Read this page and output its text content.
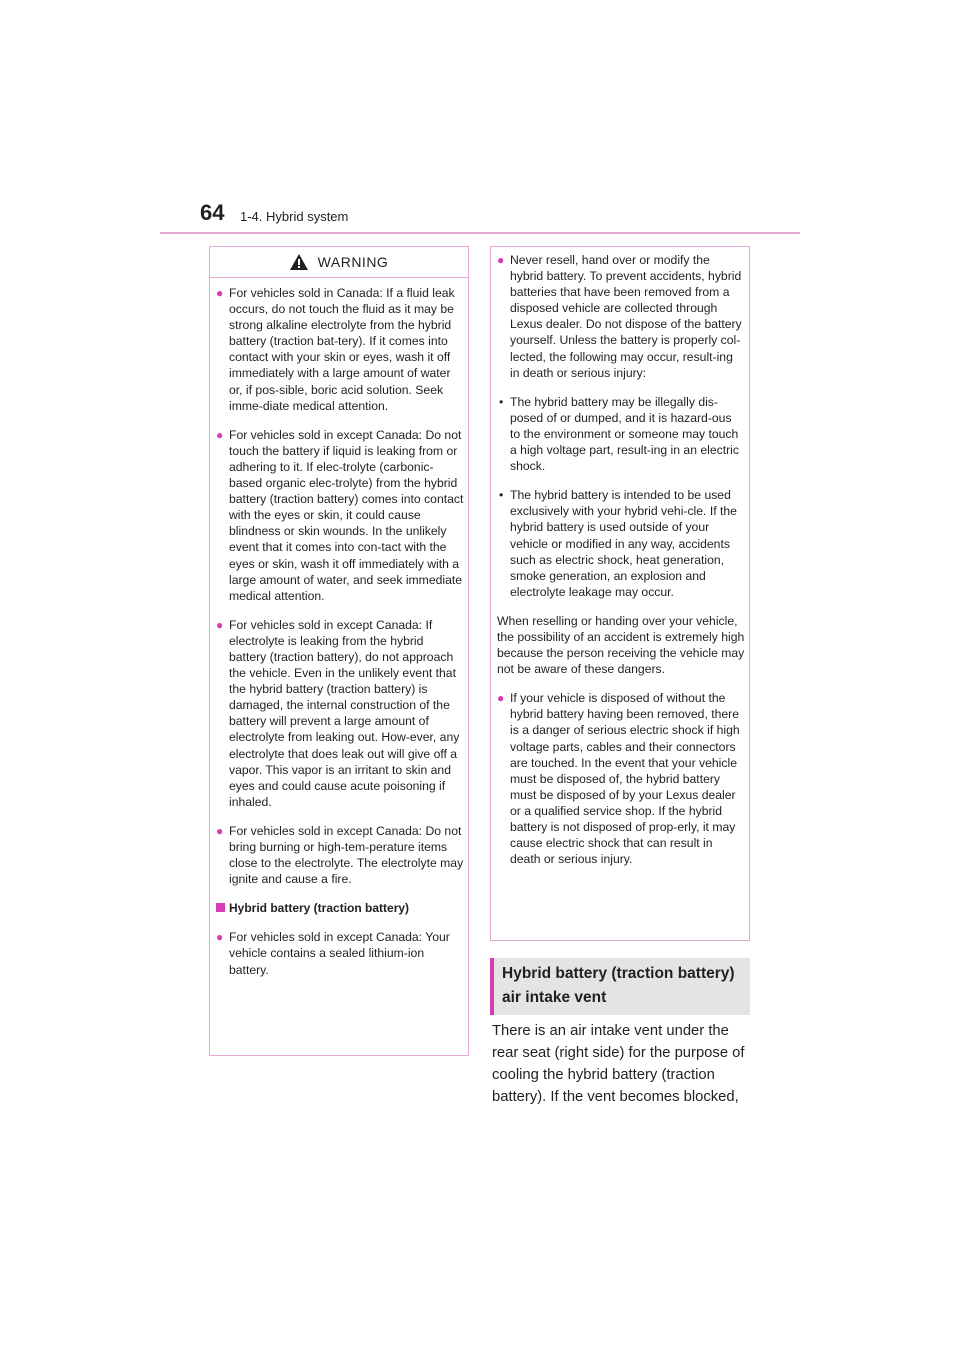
64 1-4. Hybrid system
WARNING
● For vehicles sold in Canada: If a fluid leak occurs, do not touch the fluid as it may be strong alkaline electrolyte from the hybrid battery (traction bat-tery). If it comes into contact with your skin or eyes, wash it off immediately with a large amount of water or, if pos-sible, boric acid solution. Seek imme-diate medical attention.
● For vehicles sold in except Canada: Do not touch the battery if liquid is leaking from or adhering to it. If elec-trolyte (carbonic-based organic elec-trolyte) from the hybrid battery (traction battery) comes into contact with the eyes or skin, it could cause blindness or skin wounds. In the unlikely event that it comes into con-tact with the eyes or skin, wash it off immediately with a large amount of water, and seek immediate medical attention.
● For vehicles sold in except Canada: If electrolyte is leaking from the hybrid battery (traction battery), do not approach the vehicle. Even in the unlikely event that the hybrid battery (traction battery) is damaged, the internal construction of the battery will prevent a large amount of electrolyte from leaking out. How-ever, any electrolyte that does leak out will give off a vapor. This vapor is an irritant to skin and eyes and could cause acute poisoning if inhaled.
● For vehicles sold in except Canada: Do not bring burning or high-tem-perature items close to the electrolyte. The electrolyte may ignite and cause a fire.
Hybrid battery (traction battery)
● For vehicles sold in except Canada: Your vehicle contains a sealed lithium-ion battery.
● Never resell, hand over or modify the hybrid battery. To prevent accidents, hybrid batteries that have been removed from a disposed vehicle are collected through Lexus dealer. Do not dispose of the battery yourself. Unless the battery is properly col-lected, the following may occur, result-ing in death or serious injury:
• The hybrid battery may be illegally dis-posed of or dumped, and it is hazard-ous to the environment or someone may touch a high voltage part, result-ing in an electric shock.
• The hybrid battery is intended to be used exclusively with your hybrid vehi-cle. If the hybrid battery is used outside of your vehicle or modified in any way, accidents such as electric shock, heat generation, smoke generation, an explosion and electrolyte leakage may occur.
When reselling or handing over your vehicle, the possibility of an accident is extremely high because the person receiving the vehicle may not be aware of these dangers.
● If your vehicle is disposed of without the hybrid battery having been removed, there is a danger of serious electric shock if high voltage parts, cables and their connectors are touched. In the event that your vehicle must be disposed of, the hybrid battery must be disposed of by your Lexus dealer or a qualified service shop. If the hybrid battery is not disposed of prop-erly, it may cause electric shock that can result in death or serious injury.
Hybrid battery (traction battery) air intake vent
There is an air intake vent under the rear seat (right side) for the purpose of cooling the hybrid battery (traction battery). If the vent becomes blocked,
